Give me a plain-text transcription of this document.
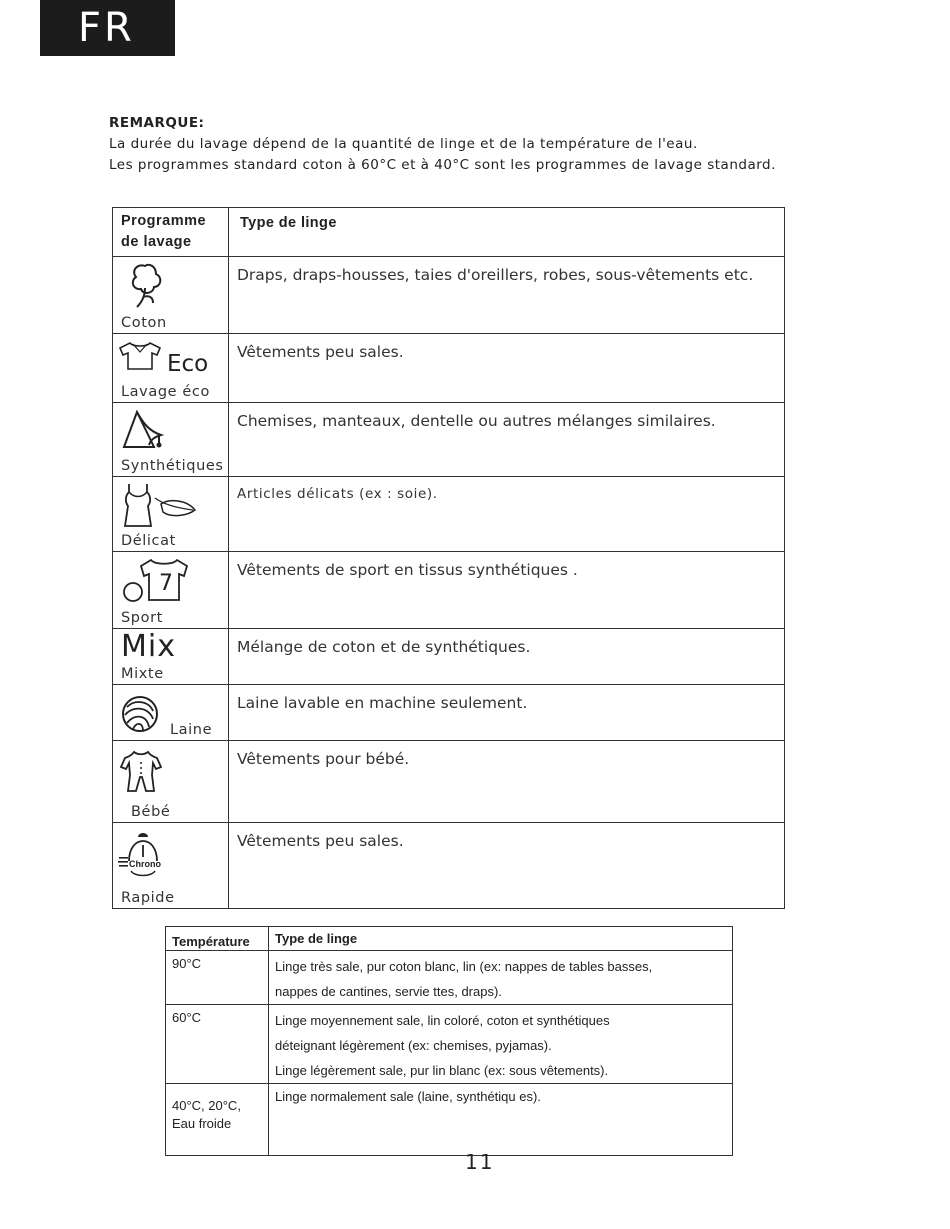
FR
REMARQUE:
La durée du lavage dépend de la quantité de linge et de la température de l'eau.
Les programmes standard coton à 60°C et à 40°C sont les programmes de lavage standard.
Programme
de lavage	Type de linge

Coton	Draps, draps-housses, taies d'oreillers, robes, sous-vêtements etc.

Eco
Lavage éco	Vêtements peu sales.

Synthétiques	Chemises, manteaux, dentelle ou autres mélanges similaires.

Délicat	Articles délicats (ex : soie).

7
Sport	Vêtements de sport en tissus synthétiques .

Mix
Mixte	Mélange de coton et de synthétiques.

Laine	Laine lavable en machine seulement.

Bébé	Vêtements pour bébé.

Chrono
Rapide	Vêtements peu sales.
Température	Type de linge
90°C	Linge très sale, pur coton blanc, lin (ex: nappes de tables basses,
nappes de cantines, servie ttes, draps).

60°C	Linge moyennement sale, lin coloré, coton et synthétiques
déteignant légèrement (ex: chemises, pyjamas).
Linge légèrement sale, pur lin blanc (ex: sous vêtements).

40°C, 20°C,
Eau froide	Linge normalement sale (laine, synthétiqu es).
11
